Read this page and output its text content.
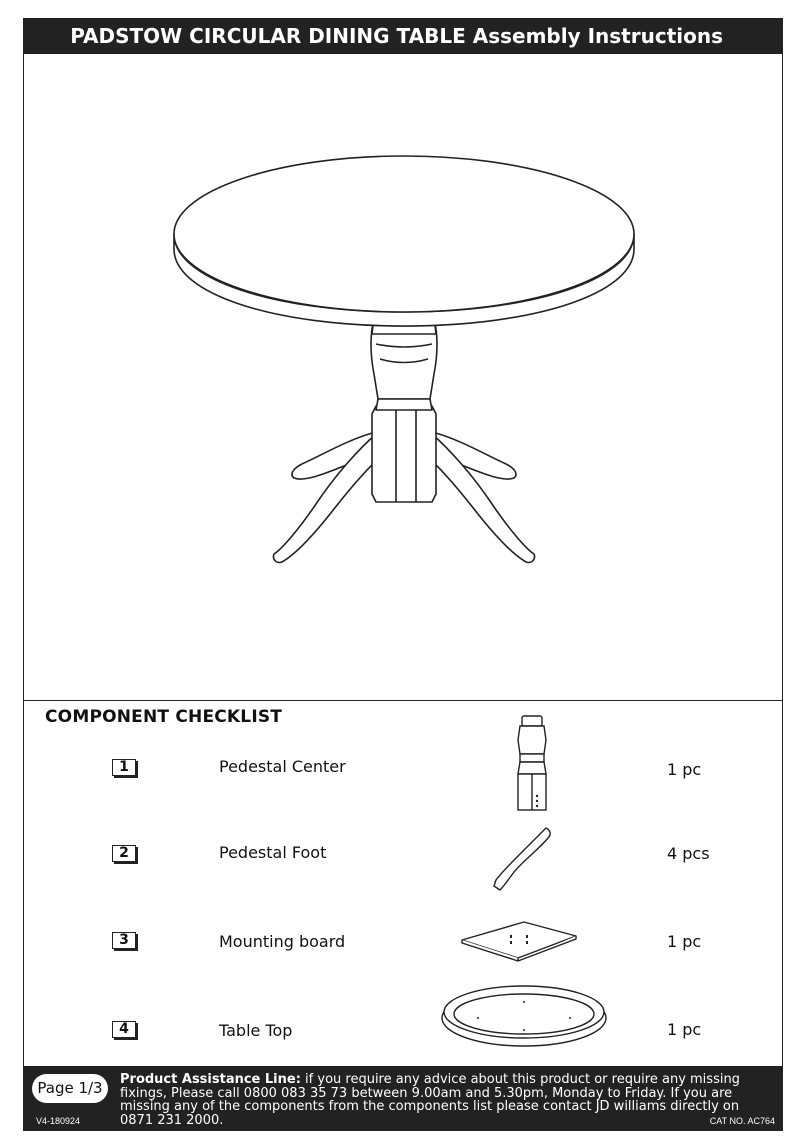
PADSTOW CIRCULAR DINING TABLE Assembly Instructions
COMPONENT CHECKLIST
1	Pedestal Center	1 pc
2	Pedestal Foot	4 pcs
3	Mounting board	1 pc
4	Table Top	1 pc
Page 1/3	Product Assistance Line: if you require any advice about this product or require any missing fixings, Please call 0800 083 35 73 between 9.00am and 5.30pm, Monday to Friday. If you are missing any of the components from the components list please contact JD williams directly on 0871 231 2000.
V4-180924	CAT NO. AC764
